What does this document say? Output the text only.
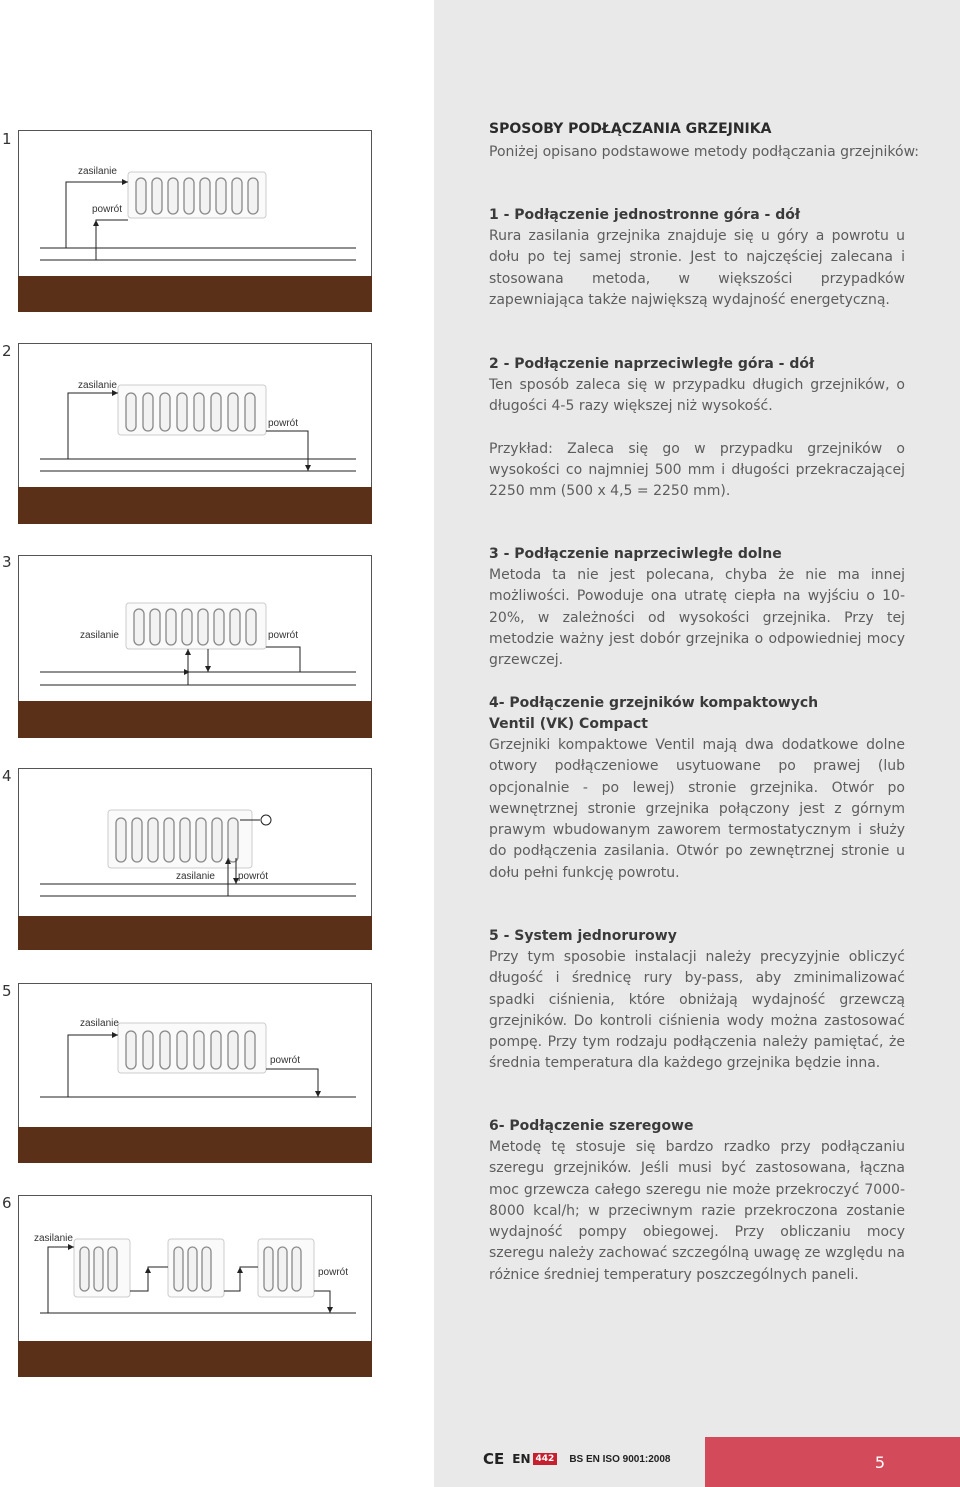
1
2
3
4
5
6
zasilanie
powrót
zasilanie
powrót
zasilanie	powrót
zasilanie powrót
zasilanie
powrót
zasilanie
powrót
SPOSOBY PODŁĄCZANIA GRZEJNIKA
Poniżej opisano podstawowe metody podłączania grzejników:
1 - Podłączenie jednostronne góra - dół

Rura zasilania grzejnika znajduje się u góry a powrotu u dołu po tej samej stronie. Jest to najczęściej zalecana i stosowana metoda, w większości przypadków zapewniająca także największą wydajność energetyczną.

2 - Podłączenie naprzeciwległe góra - dół

Ten sposób zaleca się w przypadku długich grzejników, o długości 4-5 razy większej niż wysokość.

Przykład: Zaleca się go w przypadku grzejników o wysokości co najmniej 500 mm i długości przekraczającej 2250 mm (500 x 4,5 = 2250 mm).

3 - Podłączenie naprzeciwległe dolne

Metoda ta nie jest polecana, chyba że nie ma innej możliwości. Powoduje ona utratę ciepła na wyjściu o 10-20%, w zależności od wysokości grzejnika. Przy tej metodzie ważny jest dobór grzejnika o odpowiedniej mocy grzewczej.

4- Podłączenie grzejników kompaktowych
Ventil (VK) Compact

Grzejniki kompaktowe Ventil mają dwa dodatkowe dolne otwory podłączeniowe usytuowane po prawej (lub opcjonalnie - po lewej) stronie grzejnika. Otwór po wewnętrznej stronie grzejnika połączony jest z górnym prawym wbudowanym zaworem termostatycznym i służy do podłączenia zasilania. Otwór po zewnętrznej stronie u dołu pełni funkcję powrotu.

5 - System jednorurowy

Przy tym sposobie instalacji należy precyzyjnie obliczyć długość i średnicę rury by-pass, aby zminimalizować spadki ciśnienia, które obniżają wydajność grzewczą grzejników. Do kontroli ciśnienia wody można zastosować pompę. Przy tym rodzaju podłączenia należy pamiętać, że średnia temperatura dla każdego grzejnika będzie inna.

6- Podłączenie szeregowe

Metodę tę stosuje się bardzo rzadko przy podłączaniu szeregu grzejników. Jeśli musi być zastosowana, łączna moc grzewcza całego szeregu nie może przekroczyć 7000-8000 kcal/h; w przeciwnym razie przekroczona zostanie wydajność pompy obiegowej. Przy obliczaniu mocy szeregu należy zachować szczególną uwagę ze względu na różnice średniej temperatury poszczególnych paneli.

CE EN 442	BS EN ISO 9001:2008	5
